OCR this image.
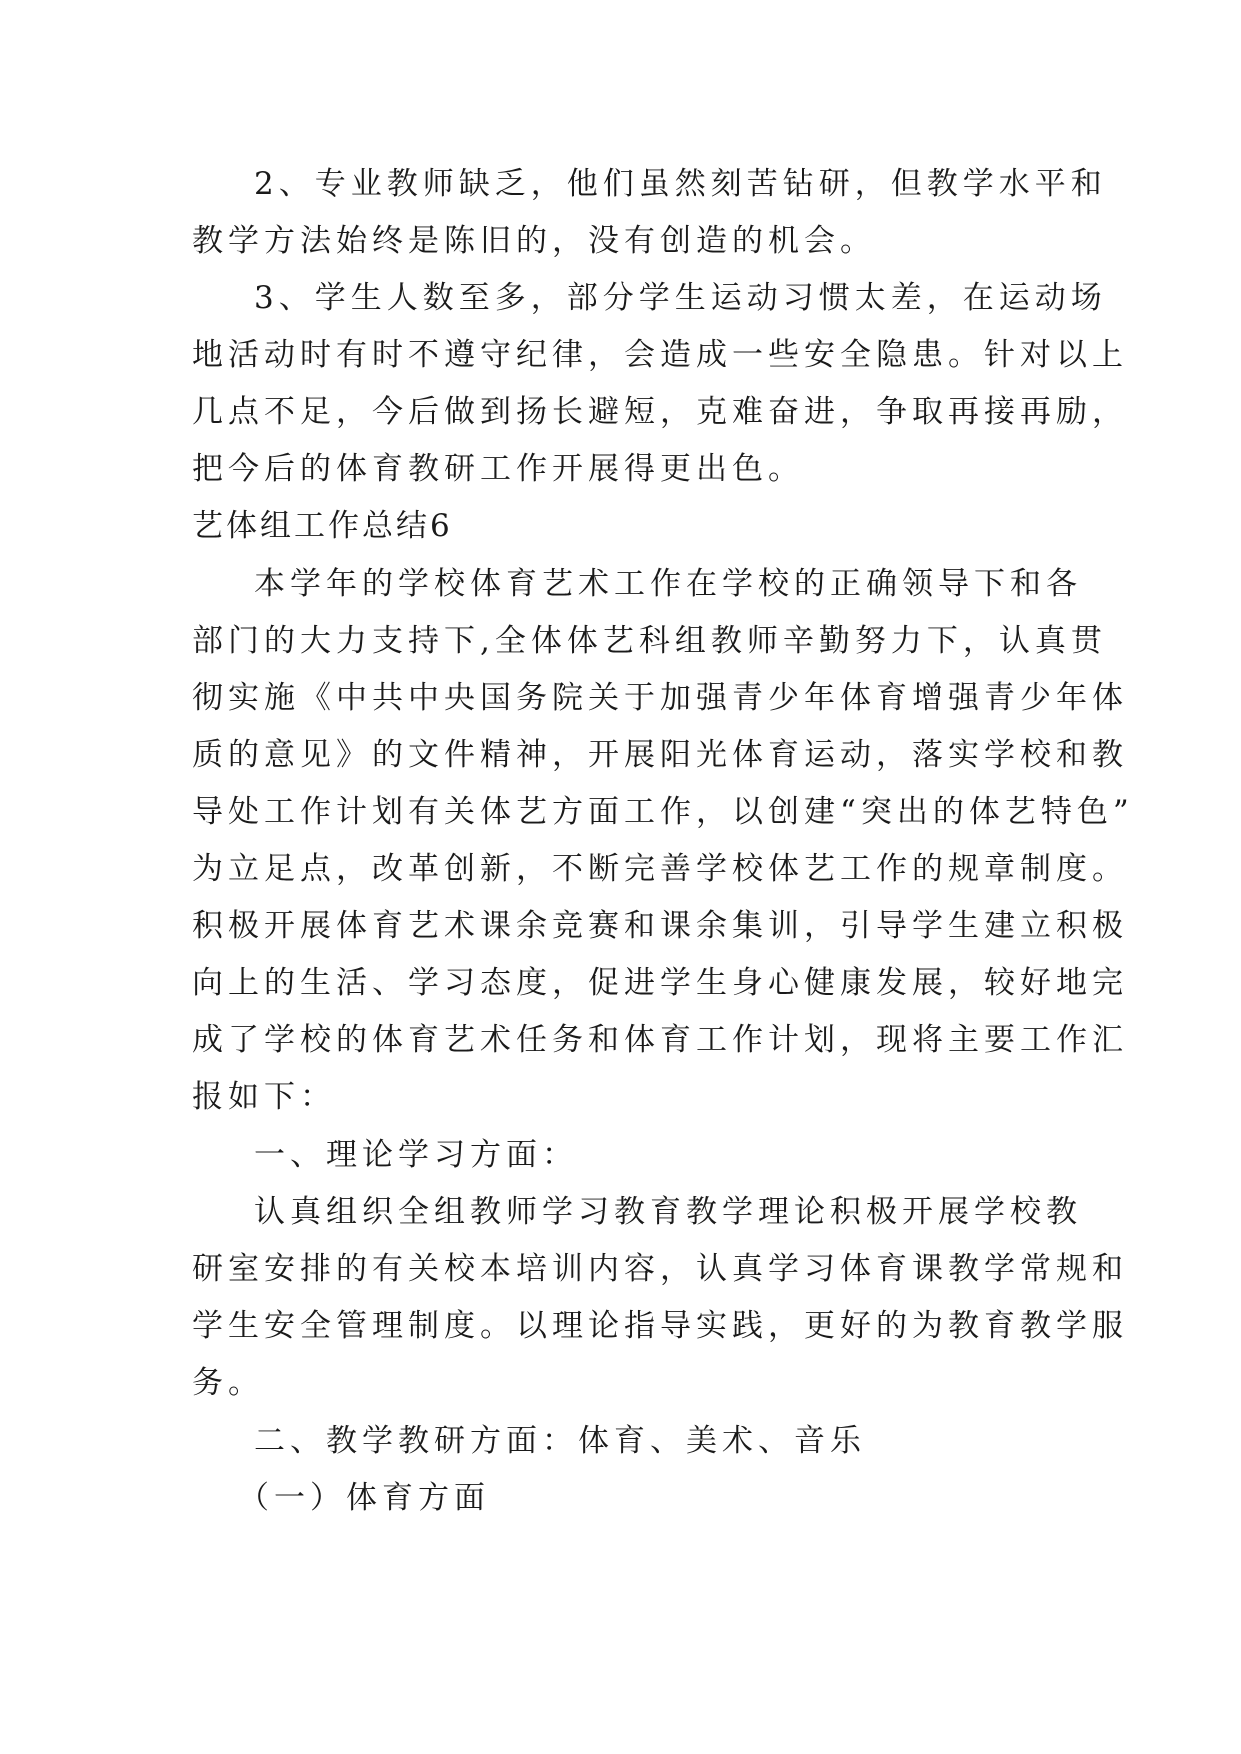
2、专业教师缺乏，他们虽然刻苦钻研，但教学水平和
教学方法始终是陈旧的，没有创造的机会。
3、学生人数至多，部分学生运动习惯太差，在运动场
地活动时有时不遵守纪律，会造成一些安全隐患。针对以上
几点不足，今后做到扬长避短，克难奋进，争取再接再励，
把今后的体育教研工作开展得更出色。
艺体组工作总结6
本学年的学校体育艺术工作在学校的正确领导下和各
部门的大力支持下,全体体艺科组教师辛勤努力下，认真贯
彻实施《中共中央国务院关于加强青少年体育增强青少年体
质的意见》的文件精神，开展阳光体育运动，落实学校和教
导处工作计划有关体艺方面工作，以创建“突出的体艺特色”
为立足点，改革创新，不断完善学校体艺工作的规章制度。
积极开展体育艺术课余竞赛和课余集训，引导学生建立积极
向上的生活、学习态度，促进学生身心健康发展，较好地完
成了学校的体育艺术任务和体育工作计划，现将主要工作汇
报如下：
一、理论学习方面：
认真组织全组教师学习教育教学理论积极开展学校教
研室安排的有关校本培训内容，认真学习体育课教学常规和
学生安全管理制度。以理论指导实践，更好的为教育教学服
务。
二、教学教研方面：体育、美术、音乐
（一）体育方面
